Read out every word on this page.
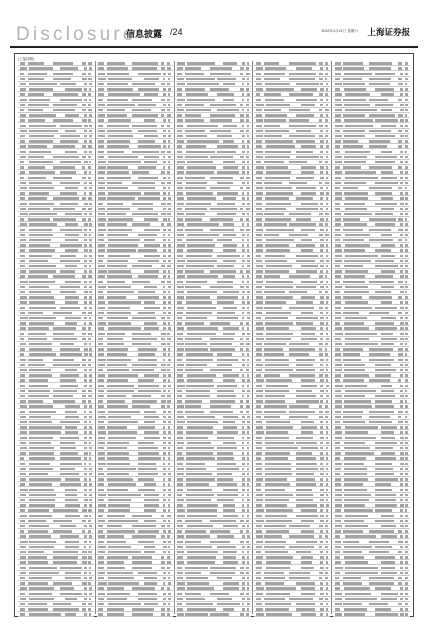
Disclosure
信息披露 /24	2012年1月21日 星期六 上海证券报
(上接23版)
